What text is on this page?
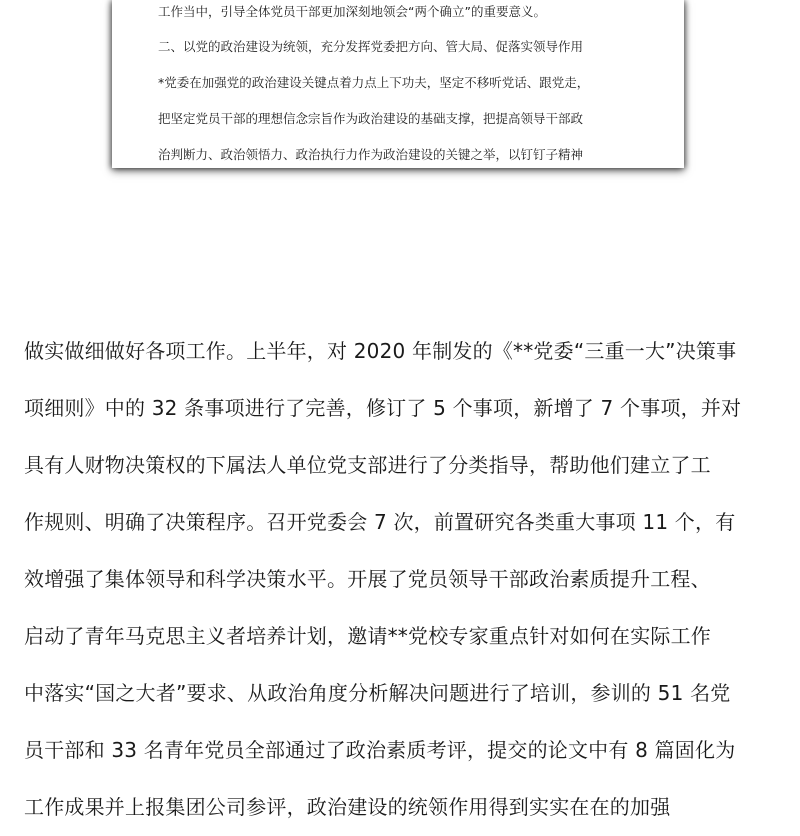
工作当中，引导全体党员干部更加深刻地领会“两个确立”的重要意义。
二、以党的政治建设为统领，充分发挥党委把方向、管大局、促落实领导作用
*党委在加强党的政治建设关键点着力点上下功夫，坚定不移听党话、跟党走，
把坚定党员干部的理想信念宗旨作为政治建设的基础支撑，把提高领导干部政
治判断力、政治领悟力、政治执行力作为政治建设的关键之举，以钉钉子精神
做实做细做好各项工作。上半年，对 2020 年制发的《**党委“三重一大”决策事
项细则》中的 32 条事项进行了完善，修订了 5 个事项，新增了 7 个事项，并对
具有人财物决策权的下属法人单位党支部进行了分类指导，帮助他们建立了工
作规则、明确了决策程序。召开党委会 7 次，前置研究各类重大事项 11 个，有
效增强了集体领导和科学决策水平。开展了党员领导干部政治素质提升工程、
启动了青年马克思主义者培养计划，邀请**党校专家重点针对如何在实际工作
中落实“国之大者”要求、从政治角度分析解决问题进行了培训，参训的 51 名党
员干部和 33 名青年党员全部通过了政治素质考评，提交的论文中有 8 篇固化为
工作成果并上报集团公司参评，政治建设的统领作用得到实实在在的加强
